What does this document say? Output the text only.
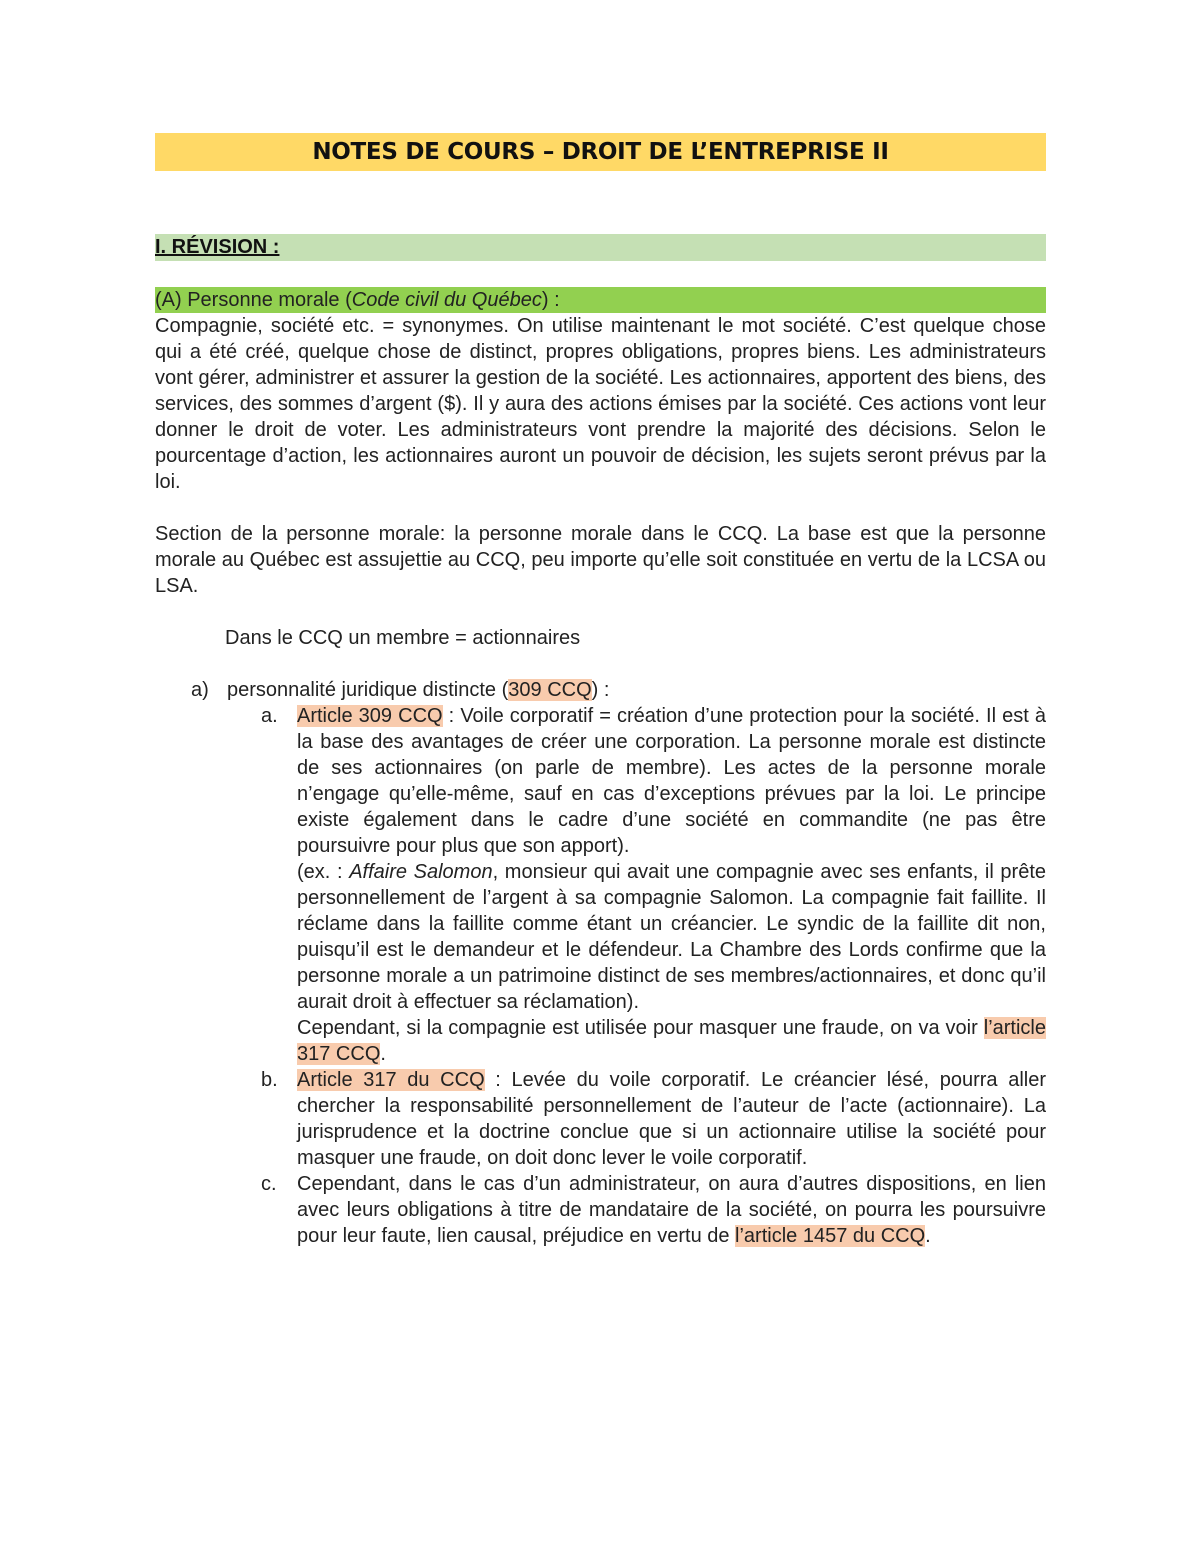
NOTES DE COURS – DROIT DE L’ENTREPRISE II
I. RÉVISION :
(A) Personne morale (Code civil du Québec) :

Compagnie, société etc. = synonymes. On utilise maintenant le mot société. C’est quelque chose qui a été créé, quelque chose de distinct, propres obligations, propres biens. Les administrateurs vont gérer, administrer et assurer la gestion de la société. Les actionnaires, apportent des biens, des services, des sommes d’argent ($). Il y aura des actions émises par la société. Ces actions vont leur donner le droit de voter. Les administrateurs vont prendre la majorité des décisions. Selon le pourcentage d’action, les actionnaires auront un pouvoir de décision, les sujets seront prévus par la loi.

Section de la personne morale: la personne morale dans le CCQ. La base est que la personne morale au Québec est assujettie au CCQ, peu importe qu’elle soit constituée en vertu de la LCSA ou LSA.

Dans le CCQ un membre = actionnaires
a) personnalité juridique distincte (309 CCQ) :
a. Article 309 CCQ : Voile corporatif = création d’une protection pour la société. Il est à la base des avantages de créer une corporation. La personne morale est distincte de ses actionnaires (on parle de membre). Les actes de la personne morale n’engage qu’elle-même, sauf en cas d’exceptions prévues par la loi. Le principe existe également dans le cadre d’une société en commandite (ne pas être poursuivre pour plus que son apport).

(ex. : Affaire Salomon, monsieur qui avait une compagnie avec ses enfants, il prête personnellement de l’argent à sa compagnie Salomon. La compagnie fait faillite. Il réclame dans la faillite comme étant un créancier. Le syndic de la faillite dit non, puisqu’il est le demandeur et le défendeur. La Chambre des Lords confirme que la personne morale a un patrimoine distinct de ses membres/actionnaires, et donc qu’il aurait droit à effectuer sa réclamation).

Cependant, si la compagnie est utilisée pour masquer une fraude, on va voir l’article 317 CCQ.

b. Article 317 du CCQ : Levée du voile corporatif. Le créancier lésé, pourra aller chercher la responsabilité personnellement de l’auteur de l’acte (actionnaire). La jurisprudence et la doctrine conclue que si un actionnaire utilise la société pour masquer une fraude, on doit donc lever le voile corporatif.

c. Cependant, dans le cas d’un administrateur, on aura d’autres dispositions, en lien avec leurs obligations à titre de mandataire de la société, on pourra les poursuivre pour leur faute, lien causal, préjudice en vertu de l’article 1457 du CCQ.
